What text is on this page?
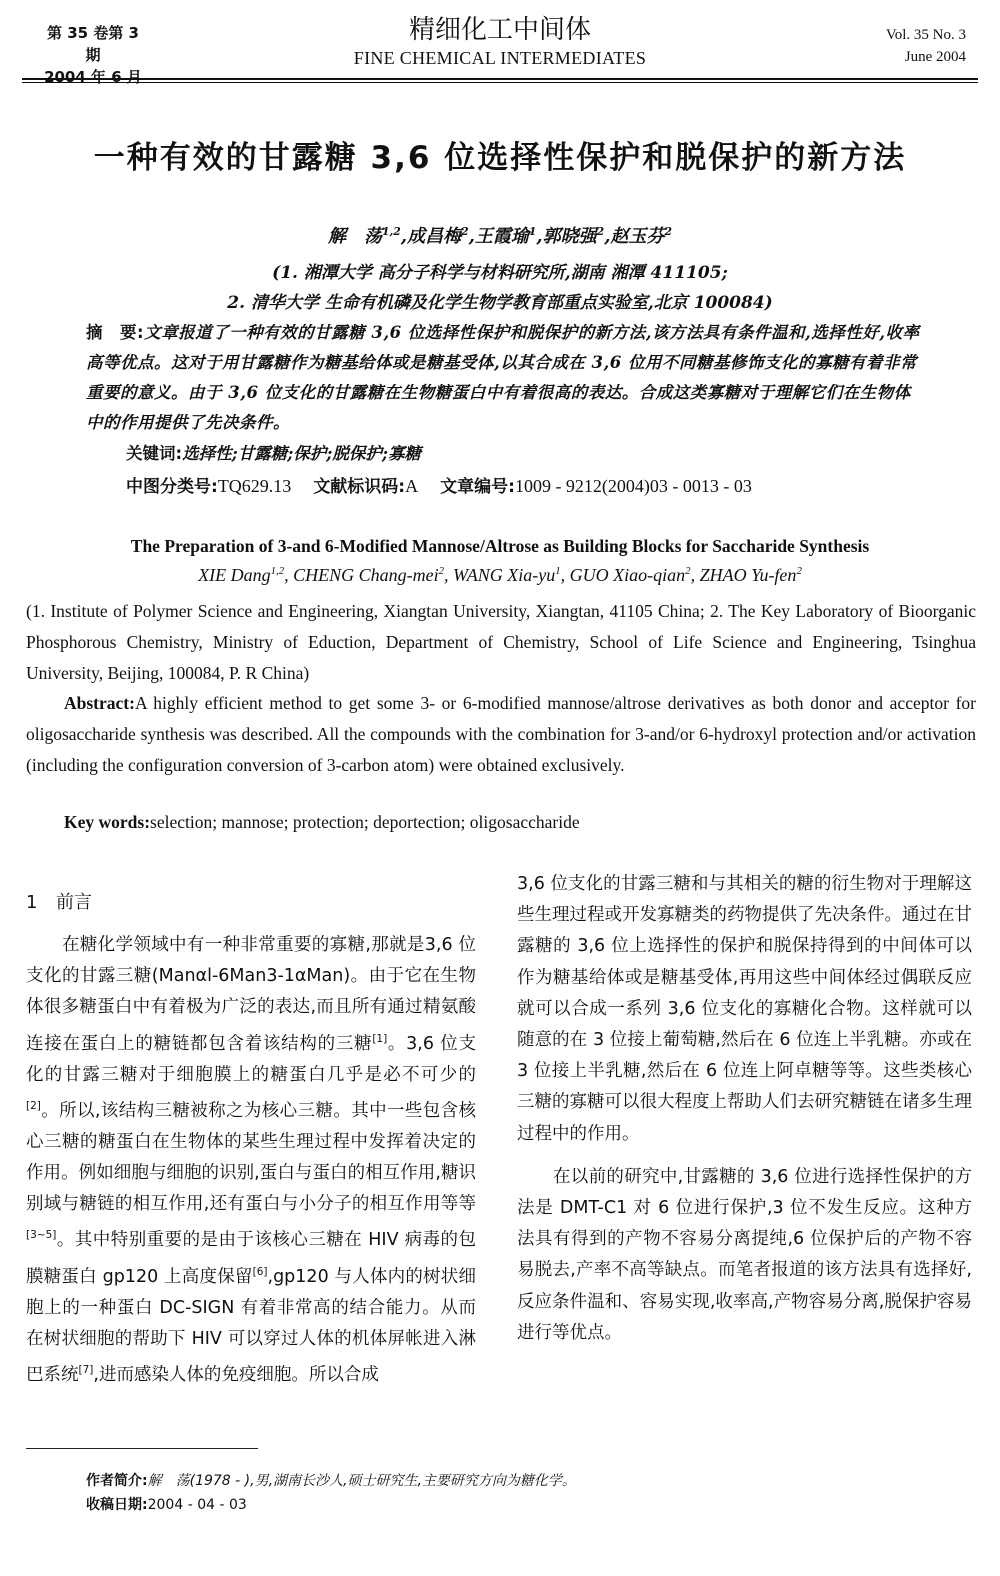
第 35 卷第 3 期
2004 年 6 月
精细化工中间体
FINE CHEMICAL INTERMEDIATES
Vol. 35 No. 3
June 2004
一种有效的甘露糖 3,6 位选择性保护和脱保护的新方法
解　荡$^{1,2}$,成昌梅$^2$,王霞瑜$^1$,郭晓强$^2$,赵玉芬$^2$
(1. 湘潭大学 高分子科学与材料研究所,湖南 湘潭 411105;
2. 清华大学 生命有机磷及化学生物学教育部重点实验室,北京 100084)
摘　要:文章报道了一种有效的甘露糖 3,6 位选择性保护和脱保护的新方法,该方法具有条件温和,选择性好,收率高等优点。这对于用甘露糖作为糖基给体或是糖基受体,以其合成在 3,6 位用不同糖基修饰支化的寡糖有着非常重要的意义。由于 3,6 位支化的甘露糖在生物糖蛋白中有着很高的表达。合成这类寡糖对于理解它们在生物体中的作用提供了先决条件。
关键词:选择性;甘露糖;保护;脱保护;寡糖
中图分类号:TQ629.13 文献标识码:A 文章编号:1009 - 9212(2004)03 - 0013 - 03
The Preparation of 3-and 6-Modified Mannose/Altrose as Building Blocks for Saccharide Synthesis
XIE Dang$^{1,2}$, CHENG Chang-mei$^2$, WANG Xia-$yu^1$, GUO Xiao-qian$^2$, ZHAO Yu-fen$^2$
(1. Institute of Polymer Science and Engineering, Xiangtan University, Xiangtan, 41105 China; 2. The Key Laboratory of Bioorganic Phosphorous Chemistry, Ministry of Eduction, Department of Chemistry, School of Life Science and Engineering, Tsinghua University, Beijing, 100084, P. R China)
Abstract:A highly efficient method to get some 3- or 6-modified mannose/altrose derivatives as both donor and acceptor for oligosaccharide synthesis was described. All the compounds with the combination for 3-and/or 6-hydroxyl protection and/or activation (including the configuration conversion of 3-carbon atom) were obtained exclusively.
Key words:selection; mannose; protection; deportection; oligosaccharide
1 前言

在糖化学领域中有一种非常重要的寡糖,那就是3,6 位支化的甘露三糖(Manαl-6Man3-1αMan)。由于它在生物体很多糖蛋白中有着极为广泛的表达,而且所有通过精氨酸连接在蛋白上的糖链都包含着该结构的三糖[1]。3,6 位支化的甘露三糖对于细胞膜上的糖蛋白几乎是必不可少的[2]。所以,该结构三糖被称之为核心三糖。其中一些包含核心三糖的糖蛋白在生物体的某些生理过程中发挥着决定的作用。例如细胞与细胞的识别,蛋白与蛋白的相互作用,糖识别域与糖链的相互作用,还有蛋白与小分子的相互作用等等[3~5]。其中特别重要的是由于该核心三糖在 HIV 病毒的包膜糖蛋白 gp120 上高度保留[6],gp120 与人体内的树状细胞上的一种蛋白 DC-SIGN 有着非常高的结合能力。从而在树状细胞的帮助下 HIV 可以穿过人体的机体屏帐进入淋巴系统[7],进而感染人体的免疫细胞。所以合成

3,6 位支化的甘露三糖和与其相关的糖的衍生物对于理解这些生理过程或开发寡糖类的药物提供了先决条件。通过在甘露糖的 3,6 位上选择性的保护和脱保持得到的中间体可以作为糖基给体或是糖基受体,再用这些中间体经过偶联反应就可以合成一系列 3,6 位支化的寡糖化合物。这样就可以随意的在 3 位接上葡萄糖,然后在 6 位连上半乳糖。亦或在 3 位接上半乳糖,然后在 6 位连上阿卓糖等等。这些类核心三糖的寡糖可以很大程度上帮助人们去研究糖链在诸多生理过程中的作用。

在以前的研究中,甘露糖的 3,6 位进行选择性保护的方法是 DMT-C1 对 6 位进行保护,3 位不发生反应。这种方法具有得到的产物不容易分离提纯,6 位保护后的产物不容易脱去,产率不高等缺点。而笔者报道的该方法具有选择好,反应条件温和、容易实现,收率高,产物容易分离,脱保护容易进行等优点。

作者简介:解　荡(1978 - ),男,湖南长沙人,硕士研究生,主要研究方向为糖化学。
收稿日期:2004 - 04 - 03
